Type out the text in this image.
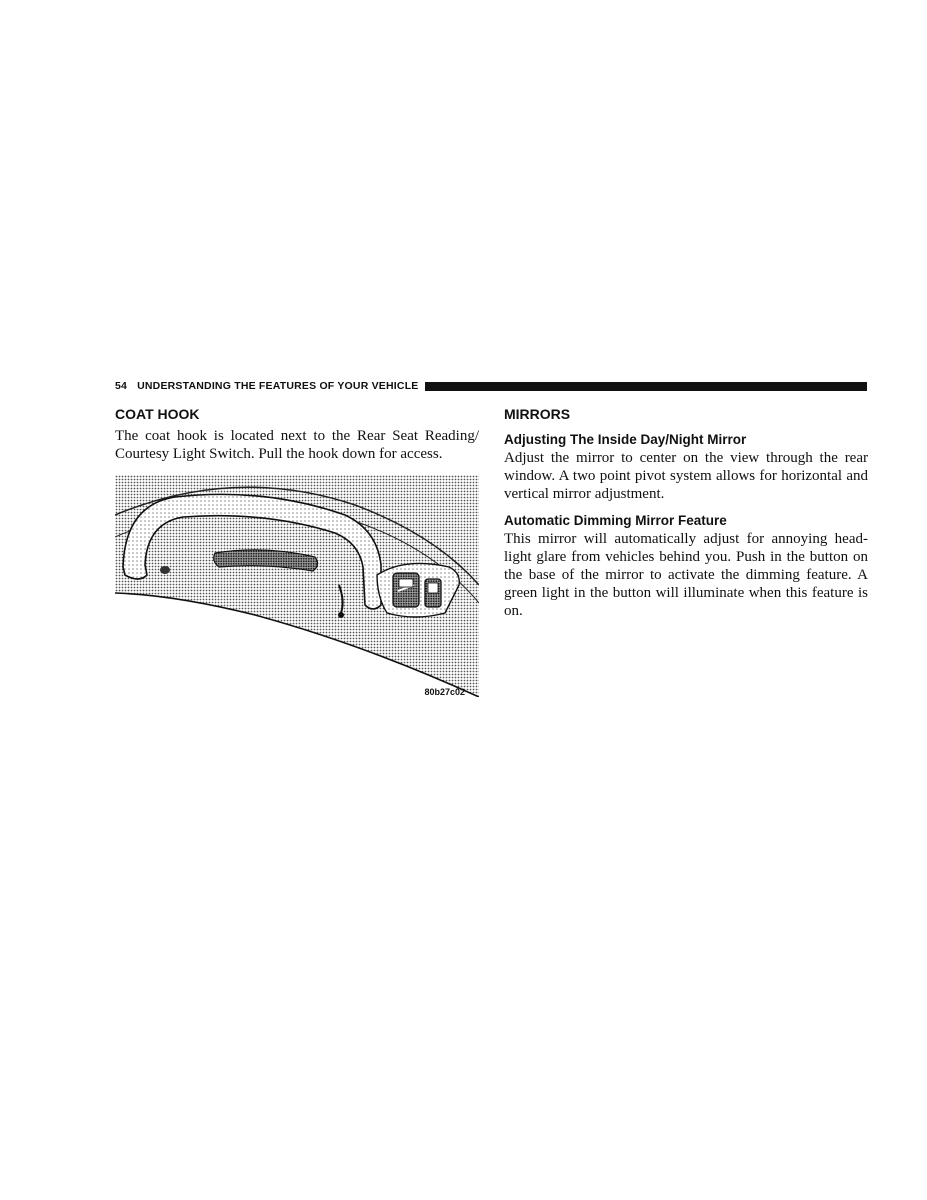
54 UNDERSTANDING THE FEATURES OF YOUR VEHICLE
COAT HOOK

The coat hook is located next to the Rear Seat Reading/ Courtesy Light Switch. Pull the hook down for access.

80b27c02
MIRRORS
Adjusting The Inside Day/Night Mirror

Adjust the mirror to center on the view through the rear window. A two point pivot system allows for horizontal and vertical mirror adjustment.

Automatic Dimming Mirror Feature

This mirror will automatically adjust for annoying head-light glare from vehicles behind you. Push in the button on the base of the mirror to activate the dimming feature. A green light in the button will illuminate when this feature is on.
